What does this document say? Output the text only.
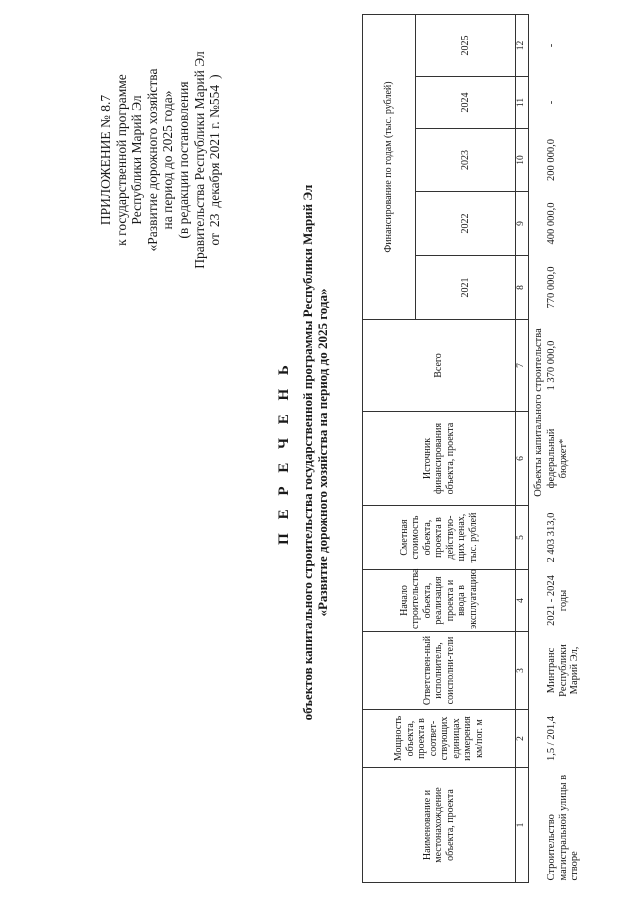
ПРИЛОЖЕНИЕ № 8.7 к государственной программе Республики Марий Эл «Развитие дорожного хозяйства на период до 2025 года» (в редакции постановления Правительства Республики Марий Эл от23декабря 2021 г. №554)
П Е Р Е Ч Е Н Ь объектов капитального строительства государственной программы Республики Марий Эл «Развитие дорожного хозяйства на период до 2025 года»
Наименование и местонахождение объекта, проекта	Мощность объекта, проекта в соответ-ствующих единицах измерения км/пог. м	Ответствен-ный исполнитель, соисполни-тели	Начало строительства объекта, реализация проекта и ввода в эксплуатацию	Сметная стоимость объекта, проекта в действую-щих ценах, тыс. рублей	Источник финансирования объекта, проекта	Всего	Финансирование по годам (тыс. рублей)				
							2021	2022	2023	2024	2025
1	2	3	4	5	6	7	8	9	10	11	12
				Объекты капитального строительства							
Строительство магистральной улицы в створе	1,5 / 201,4	Минтранс Республики Марий Эл,	2021 - 2024 годы	2 403 313,0	федеральный бюджет*	1 370 000,0	770 000,0	400 000,0	200 000,0	-	-
